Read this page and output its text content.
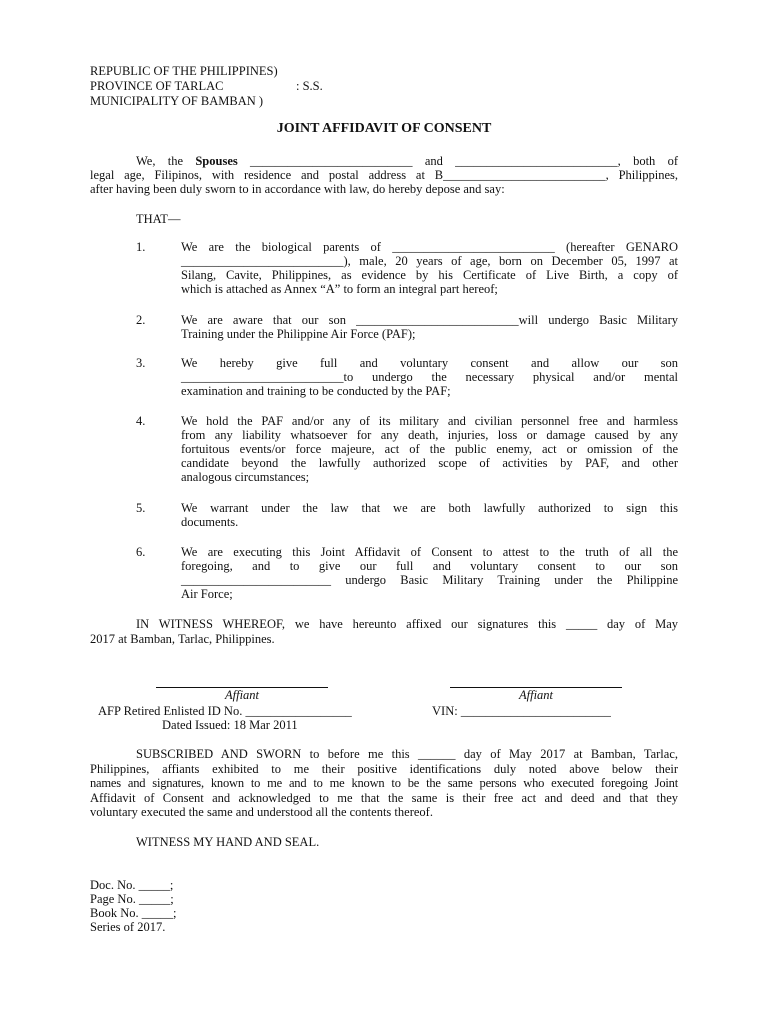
REPUBLIC OF THE PHILIPPINES)
PROVINCE OF TARLAC	: S.S.
MUNICIPALITY OF BAMBAN )
JOINT AFFIDAVIT OF CONSENT
We, the Spouses __________________________ and __________________________, both of
legal age, Filipinos, with residence and postal address at B__________________________, Philippines,
after having been duly sworn to in accordance with law, do hereby depose and say:
THAT—
1.	We are the biological parents of __________________________ (hereafter GENARO
__________________________), male, 20 years of age, born on December 05, 1997 at
Silang, Cavite, Philippines, as evidence by his Certificate of Live Birth, a copy of
which is attached as Annex “A” to form an integral part hereof;
2.	We are aware that our son __________________________will undergo Basic Military
Training under the Philippine Air Force (PAF);
3.	We hereby give full and voluntary consent and allow our son
__________________________to undergo the necessary physical and/or mental
examination and training to be conducted by the PAF;
4.	We hold the PAF and/or any of its military and civilian personnel free and harmless
from any liability whatsoever for any death, injuries, loss or damage caused by any
fortuitous events/or force majeure, act of the public enemy, act or omission of the
candidate beyond the lawfully authorized scope of activities by PAF, and other
analogous circumstances;
5.	We warrant under the law that we are both lawfully authorized to sign this
documents.
6.	We are executing this Joint Affidavit of Consent to attest to the truth of all the
foregoing, and to give our full and voluntary consent to our son
________________________ undergo Basic Military Training under the Philippine
Air Force;
IN WITNESS WHEREOF, we have hereunto affixed our signatures this _____ day of May
2017 at Bamban, Tarlac, Philippines.
Affiant	Affiant
AFP Retired Enlisted ID No. _________________	VIN: ________________________
Dated Issued: 18 Mar 2011
SUBSCRIBED AND SWORN to before me this ______ day of May 2017 at Bamban, Tarlac,
Philippines, affiants exhibited to me their positive identifications duly noted above below their
names and signatures, known to me and to me known to be the same persons who executed foregoing Joint
Affidavit of Consent and acknowledged to me that the same is their free act and deed and that they
voluntary executed the same and understood all the contents thereof.
WITNESS MY HAND AND SEAL.
Doc. No. _____;
Page No. _____;
Book No. _____;
Series of 2017.
